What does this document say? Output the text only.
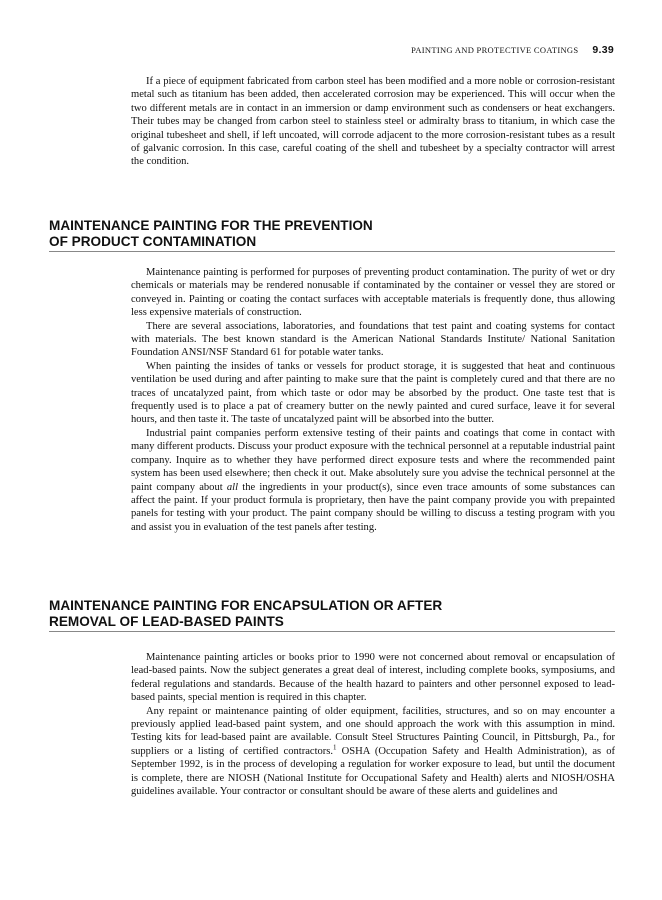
PAINTING AND PROTECTIVE COATINGS 9.39

If a piece of equipment fabricated from carbon steel has been modified and a more noble or corrosion-resistant metal such as titanium has been added, then accelerated corrosion may be experienced. This will occur when the two different metals are in contact in an immersion or damp environment such as condensers or heat exchangers. Their tubes may be changed from carbon steel to stainless steel or admiralty brass to titanium, in which case the original tubesheet and shell, if left uncoated, will corrode adjacent to the more corrosion-resistant tubes as a result of galvanic corrosion. In this case, careful coating of the shell and tubesheet by a specialty contractor will arrest the condition.

MAINTENANCE PAINTING FOR THE PREVENTION
OF PRODUCT CONTAMINATION

Maintenance painting is performed for purposes of preventing product contamination. The purity of wet or dry chemicals or materials may be rendered nonusable if contaminated by the container or vessel they are stored or conveyed in. Painting or coating the contact surfaces with acceptable materials is frequently done, thus allowing less expensive materials of construction.

There are several associations, laboratories, and foundations that test paint and coating systems for contact with materials. The best known standard is the American National Standards Institute/ National Sanitation Foundation ANSI/NSF Standard 61 for potable water tanks.

When painting the insides of tanks or vessels for product storage, it is suggested that heat and continuous ventilation be used during and after painting to make sure that the paint is completely cured and that there are no traces of uncatalyzed paint, from which taste or odor may be absorbed by the product. One taste test that is frequently used is to place a pat of creamery butter on the newly painted and cured surface, leave it for several hours, and then taste it. The taste of uncatalyzed paint will be absorbed into the butter.

Industrial paint companies perform extensive testing of their paints and coatings that come in contact with many different products. Discuss your product exposure with the technical personnel at a reputable industrial paint company. Inquire as to whether they have performed direct exposure tests and where the recommended paint system has been used elsewhere; then check it out. Make absolutely sure you advise the technical personnel at the paint company about all the ingredients in your product(s), since even trace amounts of some substances can affect the paint. If your product formula is proprietary, then have the paint company provide you with prepainted panels for testing with your product. The paint company should be willing to discuss a testing program with you and assist you in evaluation of the test panels after testing.

MAINTENANCE PAINTING FOR ENCAPSULATION OR AFTER
REMOVAL OF LEAD-BASED PAINTS

Maintenance painting articles or books prior to 1990 were not concerned about removal or encapsulation of lead-based paints. Now the subject generates a great deal of interest, including complete books, symposiums, and federal regulations and standards. Because of the health hazard to painters and other personnel exposed to lead-based paints, special mention is required in this chapter.

Any repaint or maintenance painting of older equipment, facilities, structures, and so on may encounter a previously applied lead-based paint system, and one should approach the work with this assumption in mind. Testing kits for lead-based paint are available. Consult Steel Structures Painting Council, in Pittsburgh, Pa., for suppliers or a listing of certified contractors.$^1$ OSHA (Occupation Safety and Health Administration), as of September 1992, is in the process of developing a regulation for worker exposure to lead, but until the document is complete, there are NIOSH (National Institute for Occupational Safety and Health) alerts and NIOSH/OSHA guidelines available. Your contractor or consultant should be aware of these alerts and guidelines and
